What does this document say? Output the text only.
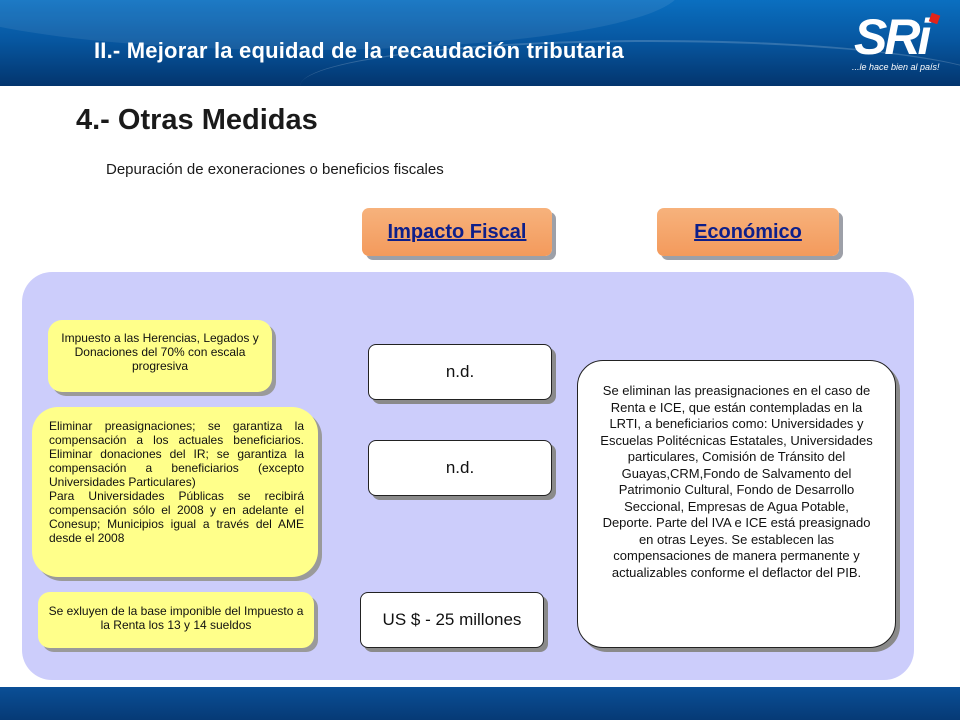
II.- Mejorar la equidad de la recaudación tributaria	SRi
...le hace bien al país!
4.- Otras Medidas
Depuración de exoneraciones o beneficios fiscales
Impacto Fiscal	Económico
Impuesto a las Herencias, Legados y Donaciones del 70% con escala progresiva
Eliminar preasignaciones; se garantiza la compensación a los actuales beneficiarios. Eliminar donaciones del IR; se garantiza la compensación a beneficiarios (excepto Universidades Particulares)
Para Universidades Públicas se recibirá compensación sólo el 2008 y en adelante el Conesup; Municipios igual a través del AME desde el 2008
Se exluyen de la base imponible del Impuesto a la Renta los 13 y 14 sueldos
n.d.
n.d.
US $ - 25 millones
Se eliminan las preasignaciones en el caso de Renta e ICE, que están contempladas en la LRTI, a beneficiarios como: Universidades y Escuelas Politécnicas Estatales, Universidades particulares, Comisión de Tránsito del Guayas,CRM,Fondo de Salvamento del Patrimonio Cultural, Fondo de Desarrollo Seccional, Empresas de Agua Potable, Deporte. Parte del IVA e ICE está preasignado en otras Leyes. Se establecen las compensaciones de manera permanente y actualizables conforme el deflactor del PIB.
